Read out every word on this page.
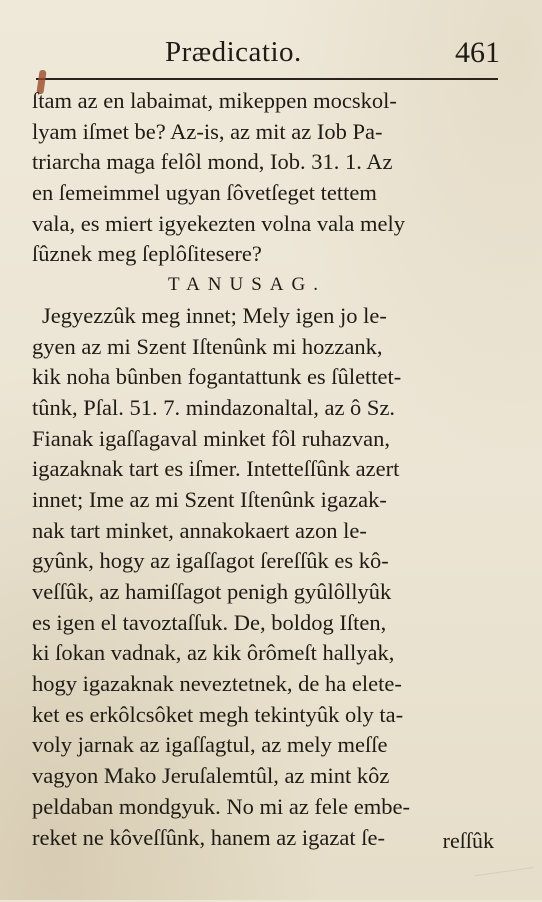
Prædicatio.	461
ſtam az en labaimat, mikeppen mocskol-
lyam iſmet be? Az-is, az mit az Iob Pa-
triarcha maga felôl mond, Iob. 31. 1. Az
en ſemeimmel ugyan ſôvetſeget tettem
vala, es miert igyekezten volna vala mely
ſûznek meg ſeplôſitesere?
TANUSAG.
Jegyezzûk meg innet; Mely igen jo le-
gyen az mi Szent Iſtenûnk mi hozzank,
kik noha bûnben fogantattunk es ſûlettet-
tûnk, Pſal. 51. 7. mindazonaltal, az ô Sz.
Fianak igaſſagaval minket fôl ruhazvan,
igazaknak tart es iſmer. Intetteſſûnk azert
innet; Ime az mi Szent Iſtenûnk igazak-
nak tart minket, annakokaert azon le-
gyûnk, hogy az igaſſagot ſereſſûk es kô-
veſſûk, az hamiſſagot penigh gyûlôllyûk
es igen el tavoztaſſuk. De, boldog Iſten,
ki ſokan vadnak, az kik ôrômeſt hallyak,
hogy igazaknak neveztetnek, de ha elete-
ket es erkôlcsôket megh tekintyûk oly ta-
voly jarnak az igaſſagtul, az mely meſſe
vagyon Mako Jeruſalemtûl, az mint kôz
peldaban mondgyuk. No mi az fele embe-
reket ne kôveſſûnk, hanem az igazat ſe-	reſſûk
